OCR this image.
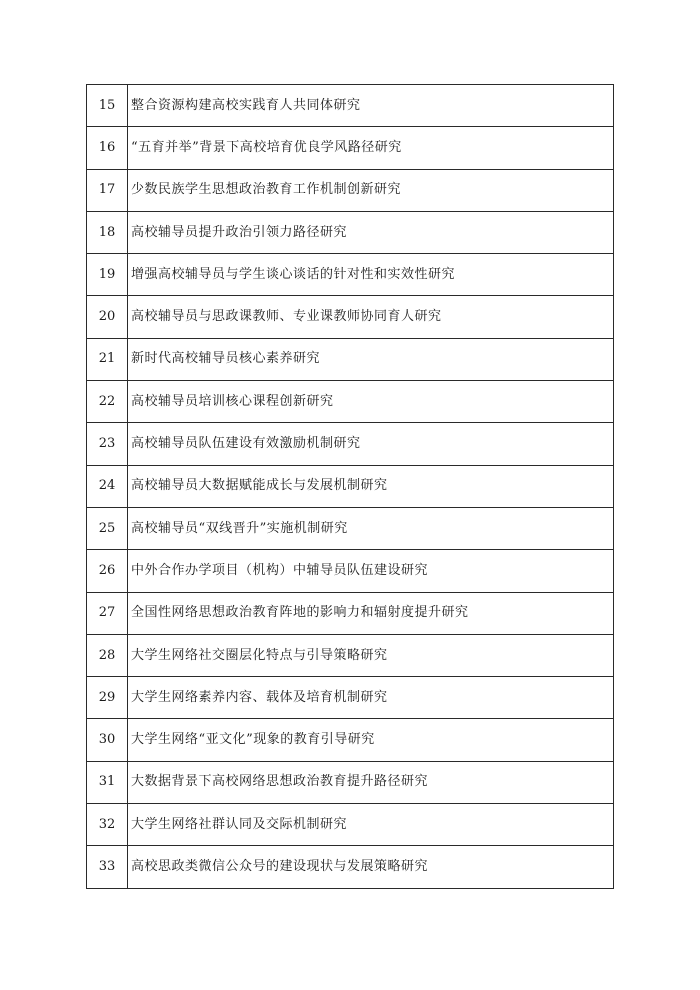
15	整合资源构建高校实践育人共同体研究
16	“五育并举”背景下高校培育优良学风路径研究
17	少数民族学生思想政治教育工作机制创新研究
18	高校辅导员提升政治引领力路径研究
19	增强高校辅导员与学生谈心谈话的针对性和实效性研究
20	高校辅导员与思政课教师、专业课教师协同育人研究
21	新时代高校辅导员核心素养研究
22	高校辅导员培训核心课程创新研究
23	高校辅导员队伍建设有效激励机制研究
24	高校辅导员大数据赋能成长与发展机制研究
25	高校辅导员“双线晋升”实施机制研究
26	中外合作办学项目（机构）中辅导员队伍建设研究
27	全国性网络思想政治教育阵地的影响力和辐射度提升研究
28	大学生网络社交圈层化特点与引导策略研究
29	大学生网络素养内容、载体及培育机制研究
30	大学生网络“亚文化”现象的教育引导研究
31	大数据背景下高校网络思想政治教育提升路径研究
32	大学生网络社群认同及交际机制研究
33	高校思政类微信公众号的建设现状与发展策略研究
